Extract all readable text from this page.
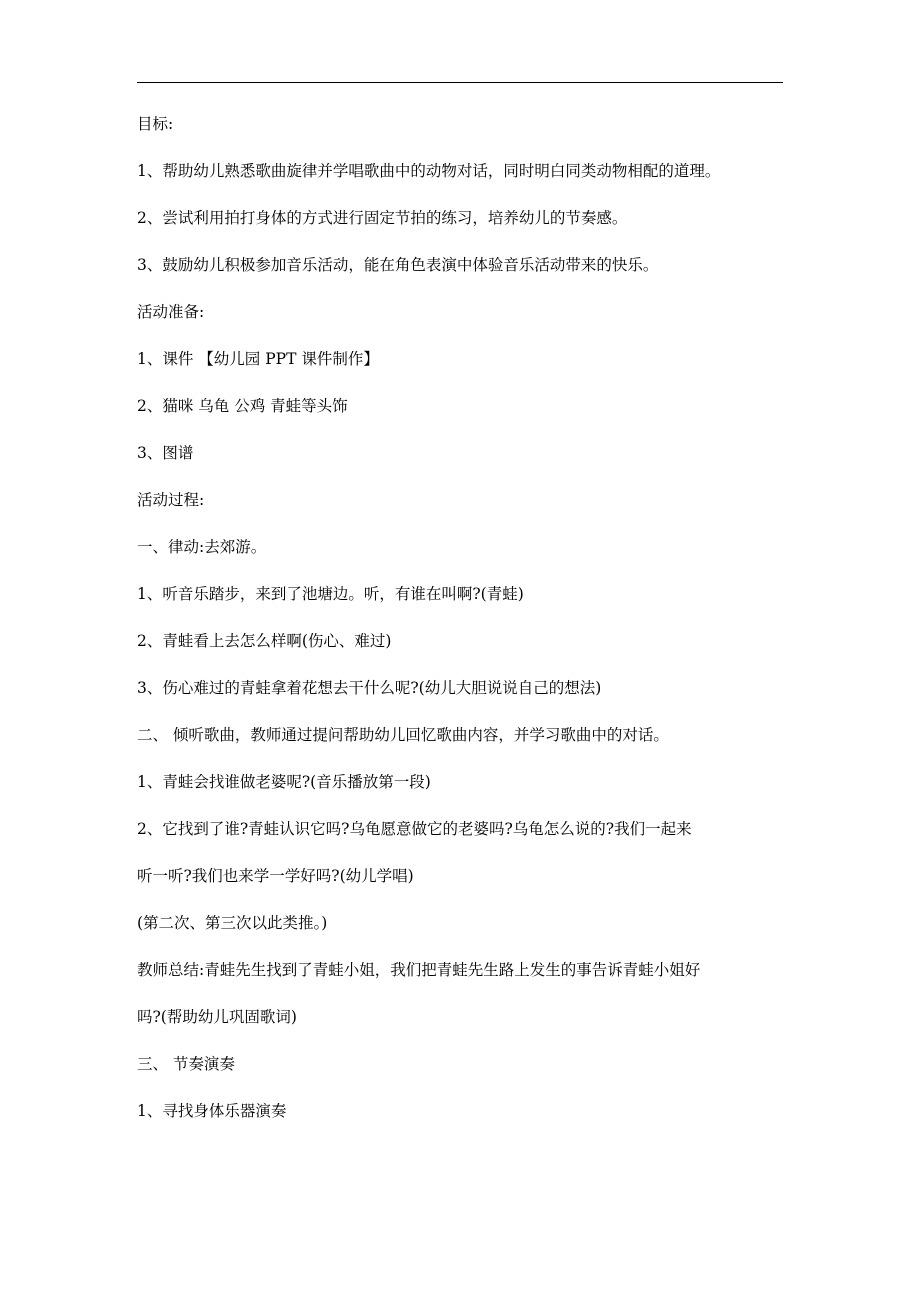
目标:
1、帮助幼儿熟悉歌曲旋律并学唱歌曲中的动物对话，同时明白同类动物相配的道理。
2、尝试利用拍打身体的方式进行固定节拍的练习，培养幼儿的节奏感。
3、鼓励幼儿积极参加音乐活动，能在角色表演中体验音乐活动带来的快乐。
活动准备:
1、课件 【幼儿园 PPT 课件制作】
2、猫咪 乌龟 公鸡 青蛙等头饰
3、图谱
活动过程:
一、律动:去郊游。
1、听音乐踏步，来到了池塘边。听，有谁在叫啊?(青蛙)
2、青蛙看上去怎么样啊(伤心、难过)
3、伤心难过的青蛙拿着花想去干什么呢?(幼儿大胆说说自己的想法)
二、 倾听歌曲，教师通过提问帮助幼儿回忆歌曲内容，并学习歌曲中的对话。
1、青蛙会找谁做老婆呢?(音乐播放第一段)
2、它找到了谁?青蛙认识它吗?乌龟愿意做它的老婆吗?乌龟怎么说的?我们一起来
听一听?我们也来学一学好吗?(幼儿学唱)
(第二次、第三次以此类推。)
教师总结:青蛙先生找到了青蛙小姐，我们把青蛙先生路上发生的事告诉青蛙小姐好
吗?(帮助幼儿巩固歌词)
三、 节奏演奏
1、寻找身体乐器演奏
